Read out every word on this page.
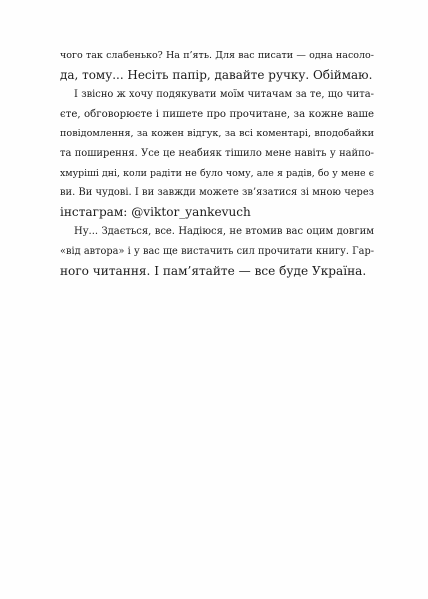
чого так слабенько? На п’ять. Для вас писати — одна насоло-
да, тому... Несіть папір, давайте ручку. Обіймаю.
І звісно ж хочу подякувати моїм читачам за те, що чита-
єте, обговорюєте і пишете про прочитане, за кожне ваше
повідомлення, за кожен відгук, за всі коментарі, вподобайки
та поширення. Усе це неабияк тішило мене навіть у найпо-
хмуріші дні, коли радіти не було чому, але я радів, бо у мене є
ви. Ви чудові. І ви завжди можете зв’язатися зі мною через
інстаграм: @viktor_yankevuch
Ну... Здається, все. Надіюся, не втомив вас оцим довгим
«від автора» і у вас ще вистачить сил прочитати книгу. Гар-
ного читання. І пам’ятайте — все буде Україна.
